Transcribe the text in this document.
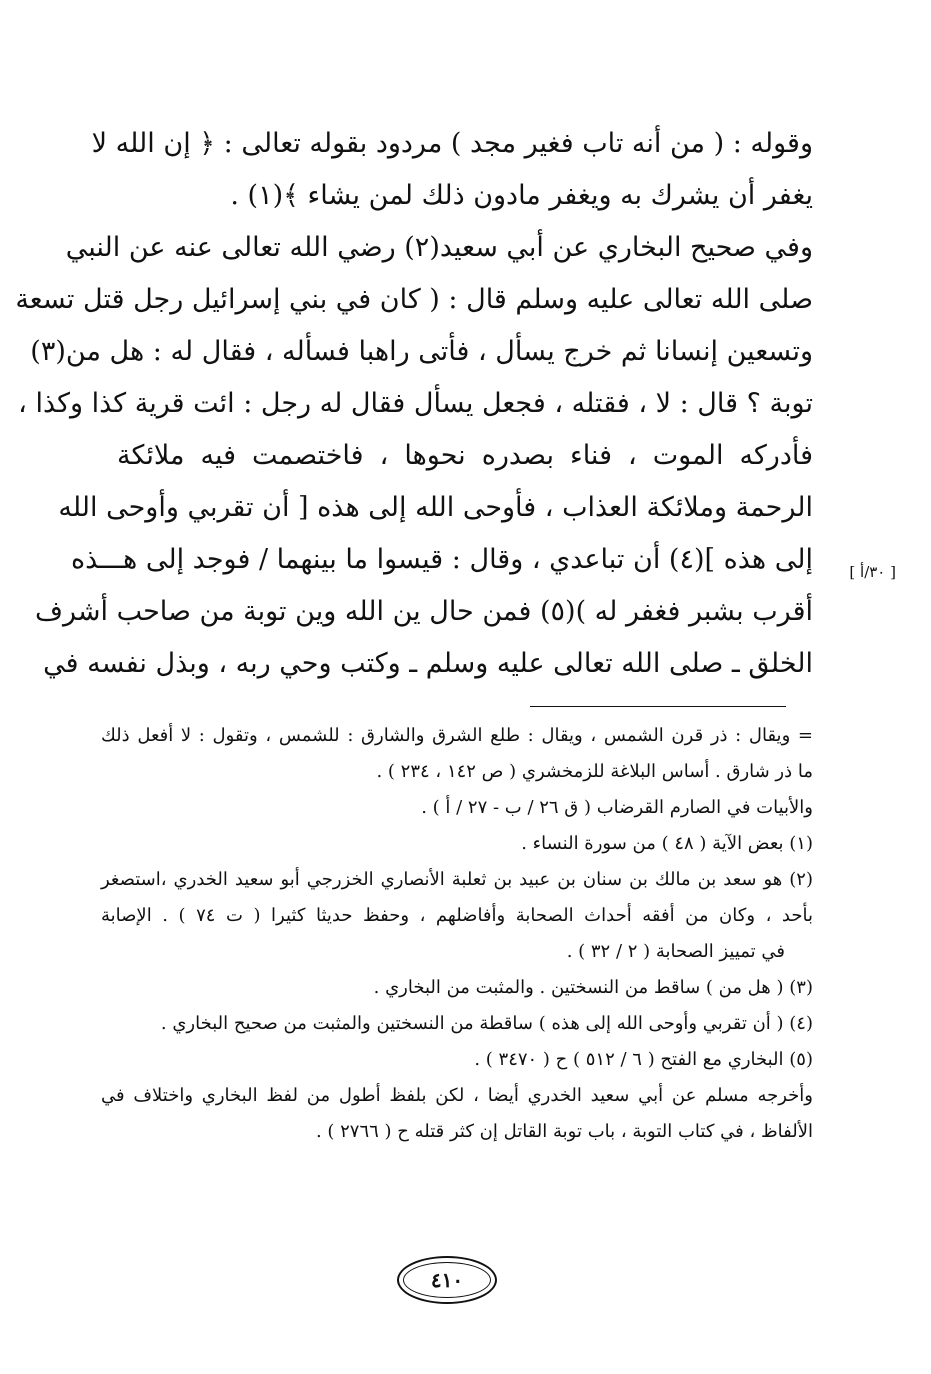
وقوله : ( من أنه تاب فغير مجد ) مردود بقوله تعالى : ﴿ إن الله لا
يغفر أن يشرك به ويغفر مادون ذلك لمن يشاء ﴾(١) .
وفي صحيح البخاري عن أبي سعيد(٢) رضي الله تعالى عنه عن النبي
صلى الله تعالى عليه وسلم قال : ( كان في بني إسرائيل رجل قتل تسعة
وتسعين إنسانا ثم خرج يسأل ، فأتى راهبا فسأله ، فقال له : هل من(٣)
توبة ؟ قال : لا ، فقتله ، فجعل يسأل فقال له رجل : ائت قرية كذا وكذا ،
فأدركه الموت ، فناء بصدره نحوها ، فاختصمت فيه ملائكة
الرحمة وملائكة العذاب ، فأوحى الله إلى هذه [ أن تقربي وأوحى الله
إلى هذه ](٤) أن تباعدي ، وقال : قيسوا ما بينهما / فوجد إلى هـــذه
أقرب بشبر فغفر له )(٥) فمن حال ين الله وين توبة من صاحب أشرف
الخلق ـ صلى الله تعالى عليه وسلم ـ وكتب وحي ربه ، وبذل نفسه في
[ ٣٠/أ ]
= ويقال : ذر قرن الشمس ، ويقال : طلع الشرق والشارق : للشمس ، وتقول : لا أفعل ذلك
ما ذر شارق . أساس البلاغة للزمخشري ( ص ١٤٢ ، ٢٣٤ ) .
والأبيات في الصارم القرضاب ( ق ٢٦ / ب - ٢٧ / أ ) .
(١) بعض الآية ( ٤٨ ) من سورة النساء .
(٢) هو سعد بن مالك بن سنان بن عبيد بن ثعلبة الأنصاري الخزرجي أبو سعيد الخدري ،استصغر
بأحد ، وكان من أفقه أحداث الصحابة وأفاضلهم ، وحفظ حديثا كثيرا ( ت ٧٤ ) . الإصابة
في تمييز الصحابة ( ٢ / ٣٢ ) .
(٣) ( هل من ) ساقط من النسختين . والمثبت من البخاري .
(٤) ( أن تقربي وأوحى الله إلى هذه ) ساقطة من النسختين والمثبت من صحيح البخاري .
(٥) البخاري مع الفتح ( ٦ / ٥١٢ ) ح ( ٣٤٧٠ ) .
وأخرجه مسلم عن أبي سعيد الخدري أيضا ، لكن بلفظ أطول من لفظ البخاري واختلاف في
الألفاظ ، في كتاب التوبة ، باب توبة القاتل إن كثر قتله ح ( ٢٧٦٦ ) .
٤١٠
